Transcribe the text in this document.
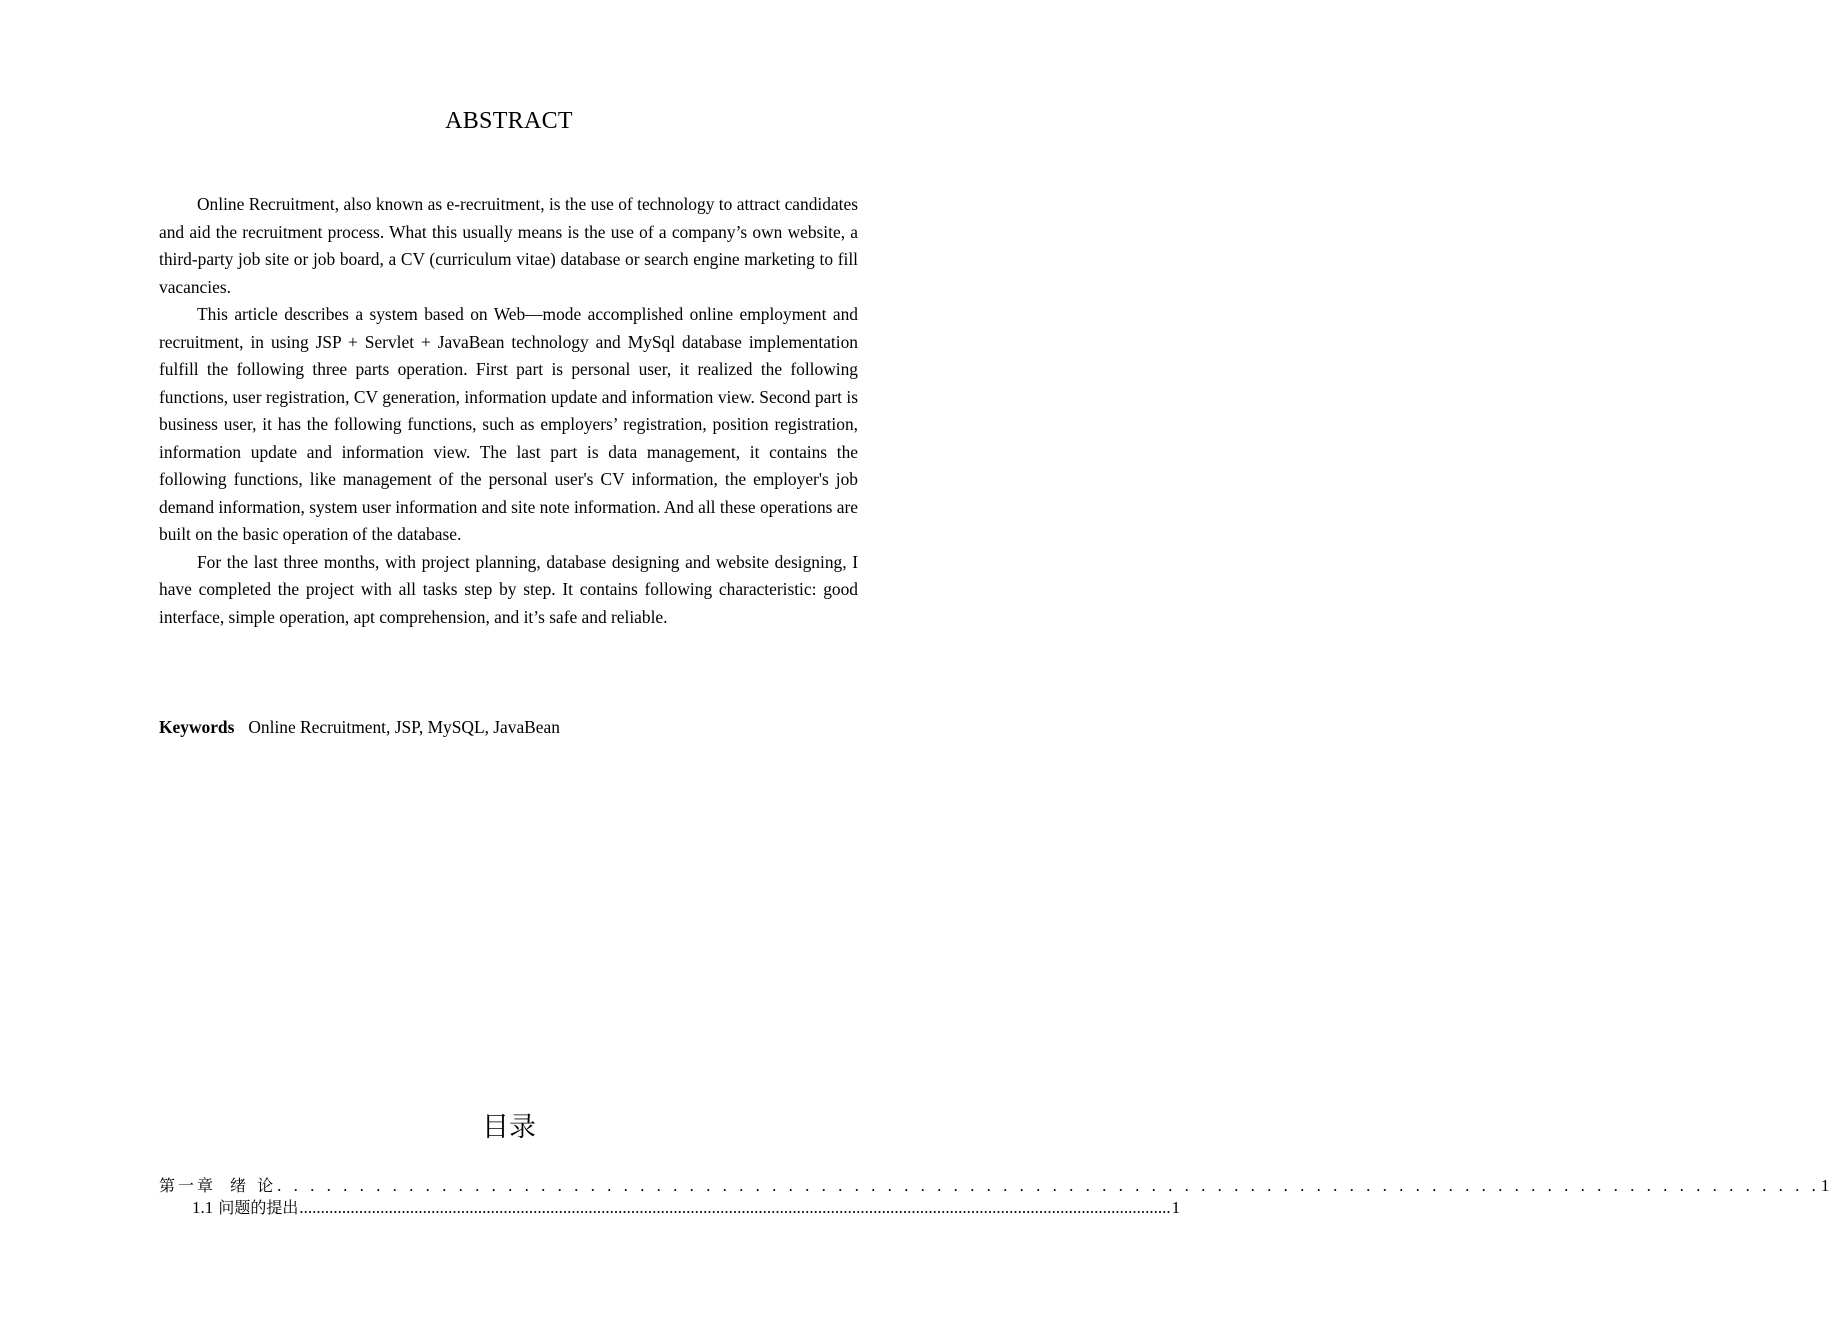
ABSTRACT

Online Recruitment, also known as e-recruitment, is the use of technology to attract candidates and aid the recruitment process. What this usually means is the use of a company’s own website, a third-party job site or job board, a CV (curriculum vitae) database or search engine marketing to fill vacancies.

This article describes a system based on Web—mode accomplished online employment and recruitment, in using JSP + Servlet + JavaBean technology and MySql database implementation fulfill the following three parts operation. First part is personal user, it realized the following functions, user registration, CV generation, information update and information view. Second part is business user, it has the following functions, such as employers’ registration, position registration, information update and information view. The last part is data management, it contains the following functions, like management of the personal user's CV information, the employer's job demand information, system user information and site note information. And all these operations are built on the basic operation of the database.

For the last three months, with project planning, database designing and website designing, I have completed the project with all tasks step by step. It contains following characteristic: good interface, simple operation, apt comprehension, and it’s safe and reliable.

Keywords Online Recruitment, JSP, MySQL, JavaBean
目录
第一章 绪 论 . . . . . . . . . . . . . . . . . . . . . . . . . . . . . . . . . . . . . . . . . . . . . . . . . . . . . . . . . . . . . . . . . . . . . . . . . . . . . . . . . . . . . . . . . . . . . . 1
1.1 问题的提出 ............................................................................................................................................................................................................. 1
